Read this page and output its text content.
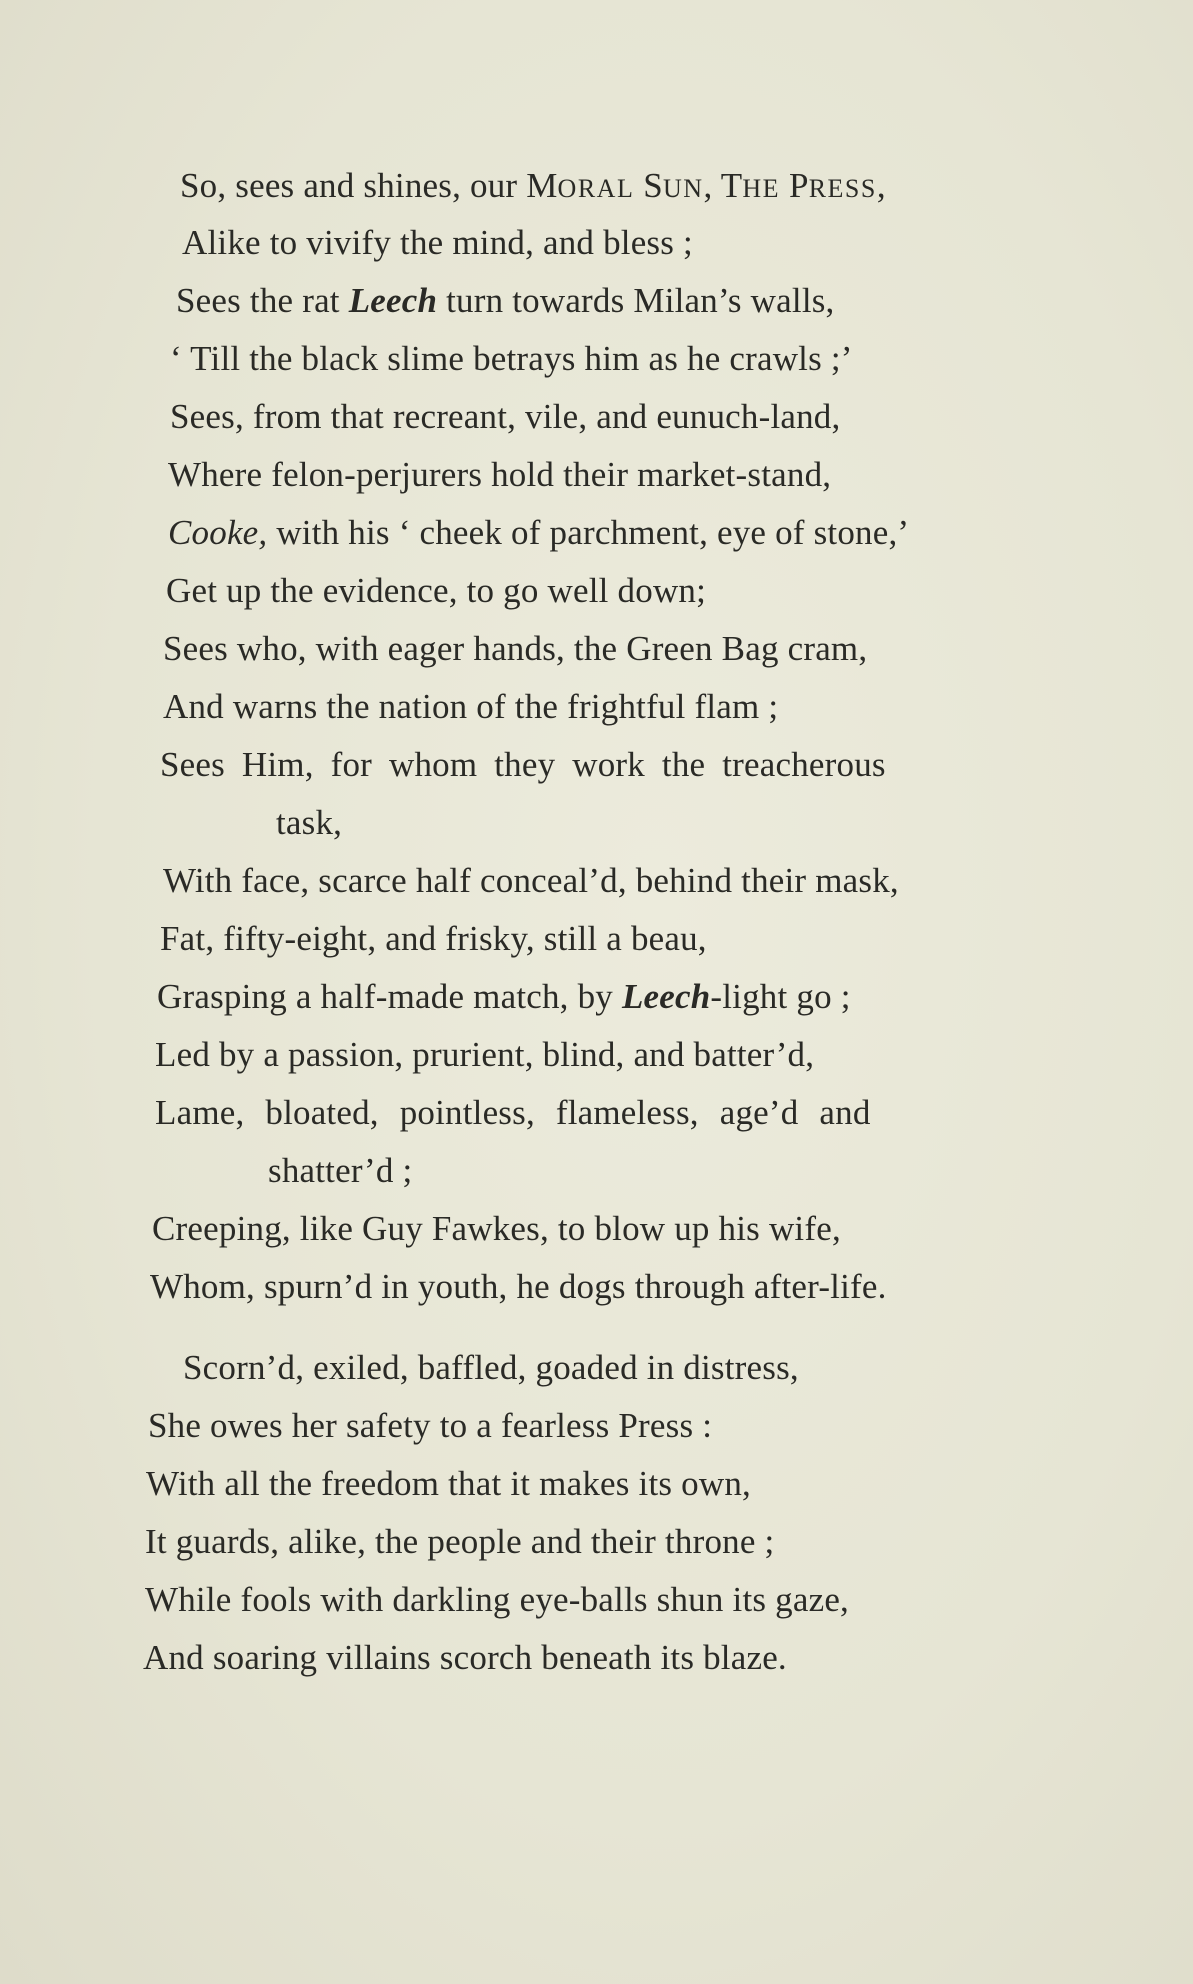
So, sees and shines, our MORAL SUN, THE PRESS,
Alike to vivify the mind, and bless ;
Sees the rat Leech turn towards Milan’s walls,
‘ Till the black slime betrays him as he crawls ;’
Sees, from that recreant, vile, and eunuch-land,
Where felon-perjurers hold their market-stand,
Cooke, with his ‘ cheek of parchment, eye of stone,’
Get up the evidence, to go well down;
Sees who, with eager hands, the Green Bag cram,
And warns the nation of the frightful flam ;
Sees Him, for whom they work the treacherous
task,
With face, scarce half conceal’d, behind their mask,
Fat, fifty-eight, and frisky, still a beau,
Grasping a half-made match, by Leech-light go ;
Led by a passion, prurient, blind, and batter’d,
Lame, bloated, pointless, flameless, age’d and
shatter’d ;
Creeping, like Guy Fawkes, to blow up his wife,
Whom, spurn’d in youth, he dogs through after-life.
Scorn’d, exiled, baffled, goaded in distress,
She owes her safety to a fearless Press :
With all the freedom that it makes its own,
It guards, alike, the people and their throne ;
While fools with darkling eye-balls shun its gaze,
And soaring villains scorch beneath its blaze.
